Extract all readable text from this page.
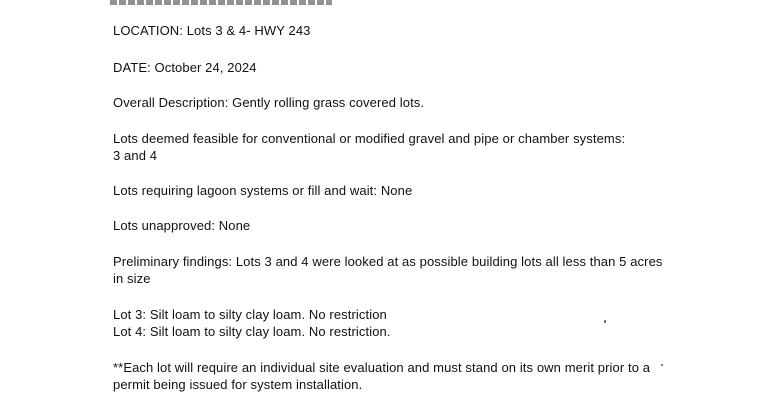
LOCATION: Lots 3 & 4- HWY 243
DATE: October 24, 2024
Overall Description: Gently rolling grass covered lots.
Lots deemed feasible for conventional or modified gravel and pipe or chamber systems:
3 and 4
Lots requiring lagoon systems or fill and wait: None
Lots unapproved: None
Preliminary findings: Lots 3 and 4 were looked at as possible building lots all less than 5 acres
in size
Lot 3: Silt loam to silty clay loam. No restriction
Lot 4: Silt loam to silty clay loam. No restriction.
**Each lot will require an individual site evaluation and must stand on its own merit prior to a
permit being issued for system installation.
